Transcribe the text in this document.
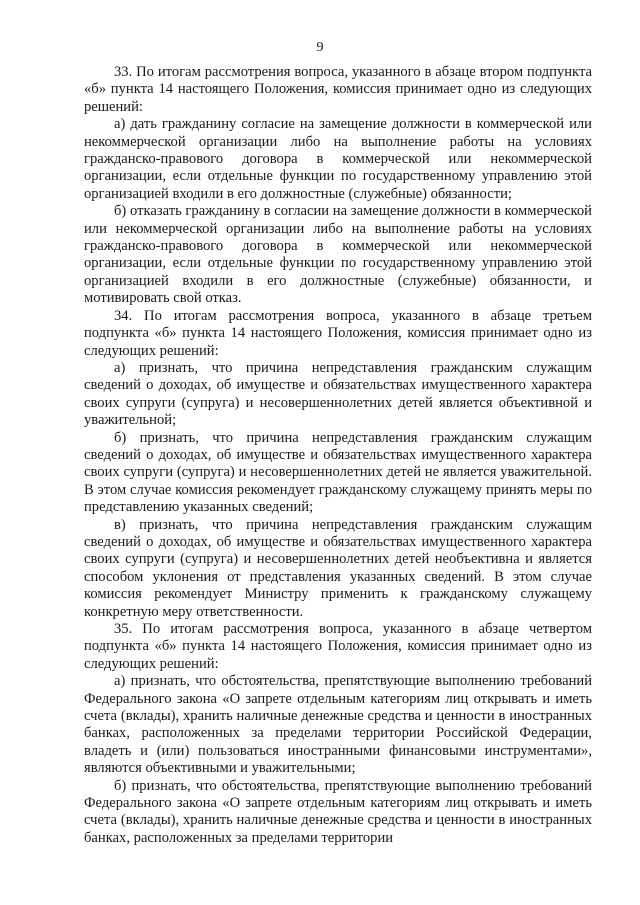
9

33. По итогам рассмотрения вопроса, указанного в абзаце втором подпункта «б» пункта 14 настоящего Положения, комиссия принимает одно из следующих решений:

а) дать гражданину согласие на замещение должности в коммерческой или некоммерческой организации либо на выполнение работы на условиях гражданско-правового договора в коммерческой или некоммерческой организации, если отдельные функции по государственному управлению этой организацией входили в его должностные (служебные) обязанности;

б) отказать гражданину в согласии на замещение должности в коммерческой или некоммерческой организации либо на выполнение работы на условиях гражданско-правового договора в коммерческой или некоммерческой организации, если отдельные функции по государственному управлению этой организацией входили в его должностные (служебные) обязанности, и мотивировать свой отказ.

34. По итогам рассмотрения вопроса, указанного в абзаце третьем подпункта «б» пункта 14 настоящего Положения, комиссия принимает одно из следующих решений:

а) признать, что причина непредставления гражданским служащим сведений о доходах, об имуществе и обязательствах имущественного характера своих супруги (супруга) и несовершеннолетних детей является объективной и уважительной;

б) признать, что причина непредставления гражданским служащим сведений о доходах, об имуществе и обязательствах имущественного характера своих супруги (супруга) и несовершеннолетних детей не является уважительной. В этом случае комиссия рекомендует гражданскому служащему принять меры по представлению указанных сведений;

в) признать, что причина непредставления гражданским служащим сведений о доходах, об имуществе и обязательствах имущественного характера своих супруги (супруга) и несовершеннолетних детей необъективна и является способом уклонения от представления указанных сведений. В этом случае комиссия рекомендует Министру применить к гражданскому служащему конкретную меру ответственности.

35. По итогам рассмотрения вопроса, указанного в абзаце четвертом подпункта «б» пункта 14 настоящего Положения, комиссия принимает одно из следующих решений:

а) признать, что обстоятельства, препятствующие выполнению требований Федерального закона «О запрете отдельным категориям лиц открывать и иметь счета (вклады), хранить наличные денежные средства и ценности в иностранных банках, расположенных за пределами территории Российской Федерации, владеть и (или) пользоваться иностранными финансовыми инструментами», являются объективными и уважительными;

б) признать, что обстоятельства, препятствующие выполнению требований Федерального закона «О запрете отдельным категориям лиц открывать и иметь счета (вклады), хранить наличные денежные средства и ценности в иностранных банках, расположенных за пределами территории
